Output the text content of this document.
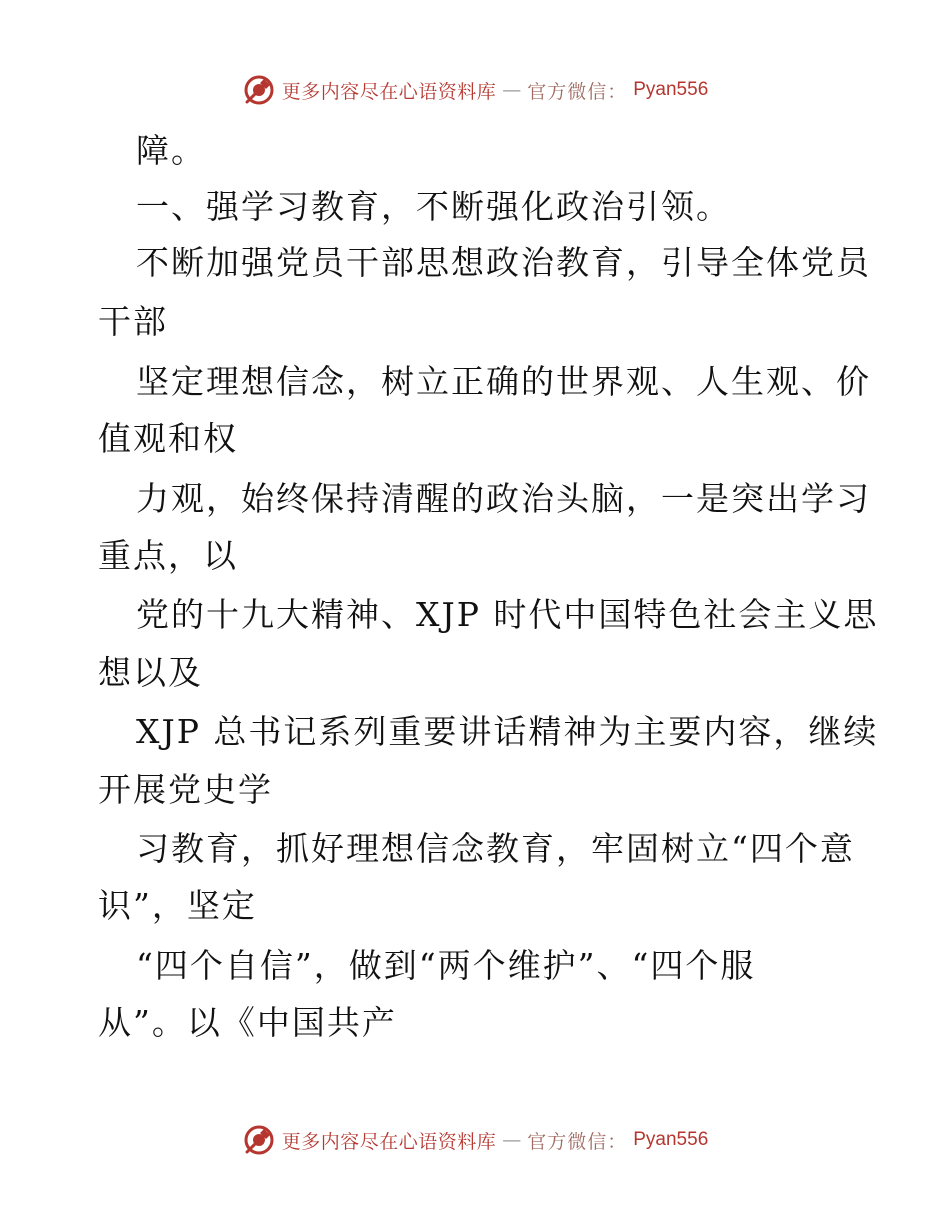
更多内容尽在心语资料库 — 官方微信： Pyan556
障。
一、强学习教育，不断强化政治引领。
不断加强党员干部思想政治教育，引导全体党员
干部
坚定理想信念，树立正确的世界观、人生观、价
值观和权
力观，始终保持清醒的政治头脑，一是突出学习
重点，以
党的十九大精神、XJP 时代中国特色社会主义思
想以及
XJP 总书记系列重要讲话精神为主要内容，继续
开展党史学
习教育，抓好理想信念教育，牢固树立“四个意
识”，坚定
“四个自信”，做到“两个维护”、“四个服
从”。以《中国共产
更多内容尽在心语资料库 — 官方微信： Pyan556
